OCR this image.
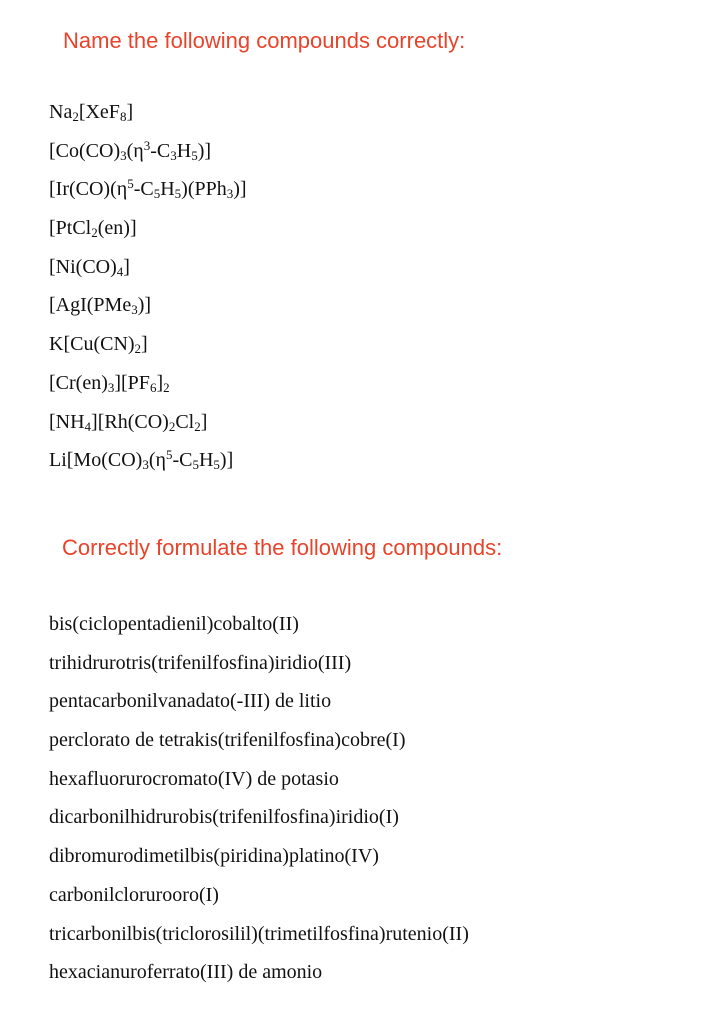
Name the following compounds correctly:
$Na_2[XeF_8]$
$[Co(CO)_3(\eta^3-C_3H_5)]$
$[Ir(CO)(\eta^5-C_5H_5)(PPh_3)]$
[PtCl$_2$(en)]
$[Ni(CO)_4]$
[AgI(PMe$_3$)]
$K[Cu(CN)_2]$
$[Cr(en)_3][PF_6]_2$
$[NH_4][Rh(CO)_2Cl_2]$
$Li[Mo(CO)_3(\eta^5-C_5H_5)]$
Correctly formulate the following compounds:
bis(ciclopentadienil)cobalto(II)
trihidrurotris(trifenilfosfina)iridio(III)
pentacarbonilvanadato(-III) de litio
perclorato de tetrakis(trifenilfosfina)cobre(I)
hexafluorurocromato(IV) de potasio
dicarbonilhidrurobis(trifenilfosfina)iridio(I)
dibromurodimetilbis(piridina)platino(IV)
carbonilclorurooro(I)
tricarbonilbis(triclorosilil)(trimetilfosfina)rutenio(II)
hexacianuroferrato(III) de amonio
